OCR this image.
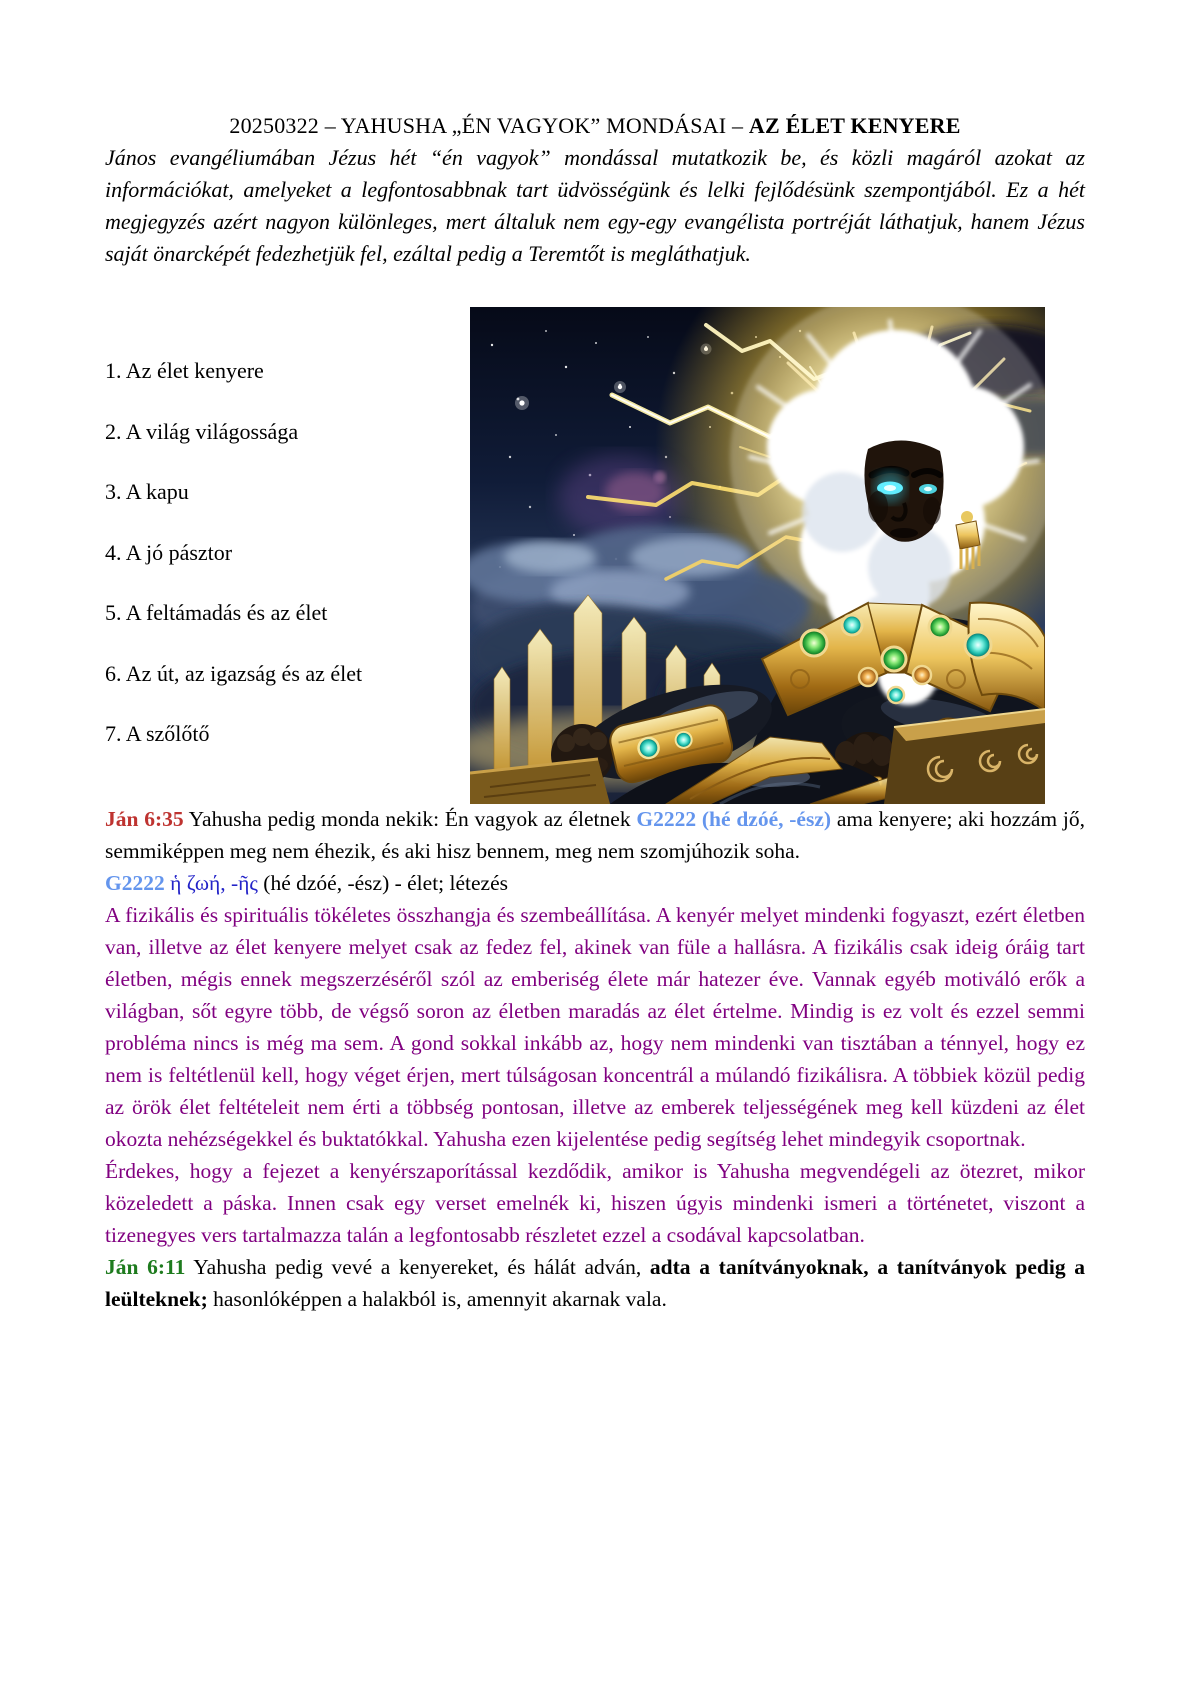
20250322 – YAHUSHA „ÉN VAGYOK” MONDÁSAI – AZ ÉLET KENYERE

János evangéliumában Jézus hét “én vagyok” mondással mutatkozik be, és közli magáról azokat az információkat, amelyeket a legfontosabbnak tart üdvösségünk és lelki fejlődésünk szempontjából. Ez a hét megjegyzés azért nagyon különleges, mert általuk nem egy-egy evangélista portréját láthatjuk, hanem Jézus saját önarcképét fedezhetjük fel, ezáltal pedig a Teremtőt is megláthatjuk.

1. Az élet kenyere
2. A világ világossága
3. A kapu
4. A jó pásztor
5. A feltámadás és az élet
6. Az út, az igazság és az élet
7. A szőlőtő

Ján 6:35 Yahusha pedig monda nekik: Én vagyok az életnek G2222 (hé dzóé, -ész) ama kenyere; aki hozzám jő, semmiképpen meg nem éhezik, és aki hisz bennem, meg nem szomjúhozik soha.

G2222 ἡ ζωή, -ῆς (hé dzóé, -ész) - élet; létezés

A fizikális és spirituális tökéletes összhangja és szembeállítása. A kenyér melyet mindenki fogyaszt, ezért életben van, illetve az élet kenyere melyet csak az fedez fel, akinek van füle a hallásra. A fizikális csak ideig óráig tart életben, mégis ennek megszerzéséről szól az emberiség élete már hatezer éve. Vannak egyéb motiváló erők a világban, sőt egyre több, de végső soron az életben maradás az élet értelme. Mindig is ez volt és ezzel semmi probléma nincs is még ma sem. A gond sokkal inkább az, hogy nem mindenki van tisztában a ténnyel, hogy ez nem is feltétlenül kell, hogy véget érjen, mert túlságosan koncentrál a múlandó fizikálisra. A többiek közül pedig az örök élet feltételeit nem érti a többség pontosan, illetve az emberek teljességének meg kell küzdeni az élet okozta nehézségekkel és buktatókkal. Yahusha ezen kijelentése pedig segítség lehet mindegyik csoportnak.

Érdekes, hogy a fejezet a kenyérszaporítással kezdődik, amikor is Yahusha megvendégeli az ötezret, mikor közeledett a páska. Innen csak egy verset emelnék ki, hiszen úgyis mindenki ismeri a történetet, viszont a tizenegyes vers tartalmazza talán a legfontosabb részletet ezzel a csodával kapcsolatban.

Ján 6:11 Yahusha pedig vevé a kenyereket, és hálát adván, adta a tanítványoknak, a tanítványok pedig a leülteknek; hasonlóképpen a halakból is, amennyit akarnak vala.
